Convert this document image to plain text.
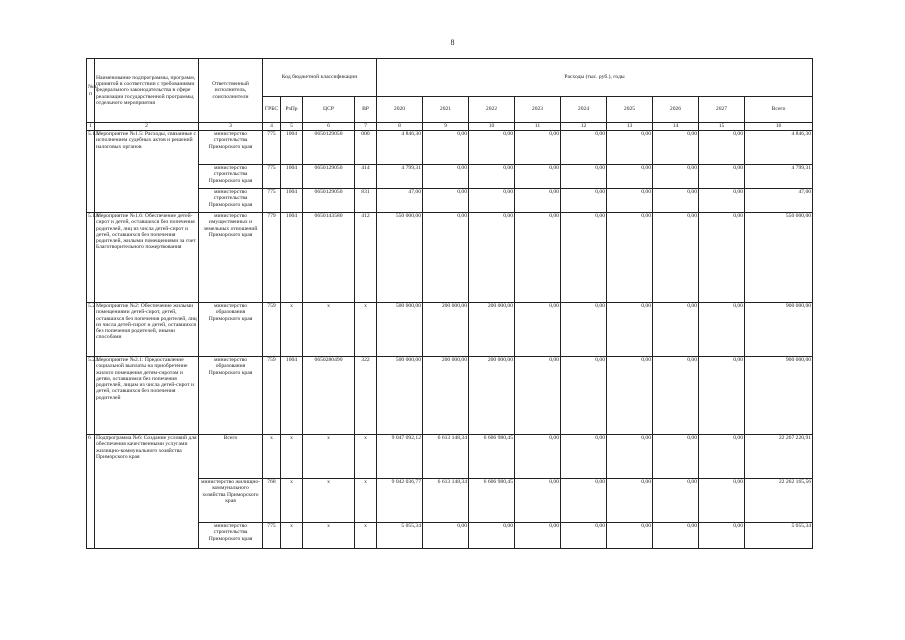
8
№п/п	Наименование подпрограммы, программ, принятой в соответствии с требованиями федерального законодательства в сфере реализации государственной программы, отдельного мероприятия	Ответственный исполнитель, соисполнители	Код бюджетной классификации				Расходы (тыс. руб.), годы								
			ГРБС	РзПр	ЦСР	ВР	2020	2021	2022	2023	2024	2025	2026	2027	Всего
1	2	3	4	5	6	7	8	9	10	11	12	13	14	15	16
5.1.5	Мероприятие №1.5: Расходы, связанные с исполнением судебных актов и решений налоговых органов	министерство строительства Приморского края	775	1004	0650129050	000	4 846,30	0,00	0,00	0,00	0,00	0,00	0,00	0,00	4 846,30
		министерство строительства Приморского края	775	1004	0650129050	414	4 799,31	0,00	0,00	0,00	0,00	0,00	0,00	0,00	4 799,31
		министерство строительства Приморского края	775	1004	0650129050	831	47,00	0,00	0,00	0,00	0,00	0,00	0,00	0,00	47,00
5.1.6	Мероприятие №1.6: Обеспечение детей-сирот и детей, оставшихся без попечения родителей, лиц из числа детей-сирот и детей, оставшихся без попечения родителей, жилыми помещениями за счет Благотворительного пожертвования	министерство имущественных и земельных отношений Приморского края	779	1004	0650143580	412	550 000,00	0,00	0,00	0,00	0,00	0,00	0,00	0,00	550 000,00
5.2	Мероприятие №2: Обеспечение жилыми помещениями детей-сирот, детей, оставшихся без попечения родителей, лиц из числа детей-сирот и детей, оставшихся без попечения родителей, иными способами	министерство образования Приморского края	759	x	x	x	500 000,00	200 000,00	200 000,00	0,00	0,00	0,00	0,00	0,00	900 000,00
5.2.1	Мероприятие №2.1: Предоставление социальной выплаты на приобретение жилого помещения детям-сиротам и детям, оставшимся без попечения родителей, лицам из числа детей-сирот и детей, оставшихся без попечения родителей	министерство образования Приморского края	759	1004	0650280490	322	500 000,00	200 000,00	200 000,00	0,00	0,00	0,00	0,00	0,00	900 000,00
6	Подпрограмма №6: Создание условий для обеспечения качественными услугами жилищно-коммунального хозяйства Приморского края	Всего	x	x	x	x	9 047 092,12	6 613 148,34	6 606 980,45	0,00	0,00	0,00	0,00	0,00	22 267 220,91
		министерство жилищно-коммунального хозяйства Приморского края	768	x	x	x	9 042 036,77	6 613 148,34	6 606 980,45	0,00	0,00	0,00	0,00	0,00	22 262 165,56
		министерство строительства Приморского края	775	x	x	x	5 055,34	0,00	0,00	0,00	0,00	0,00	0,00	0,00	5 055,34
